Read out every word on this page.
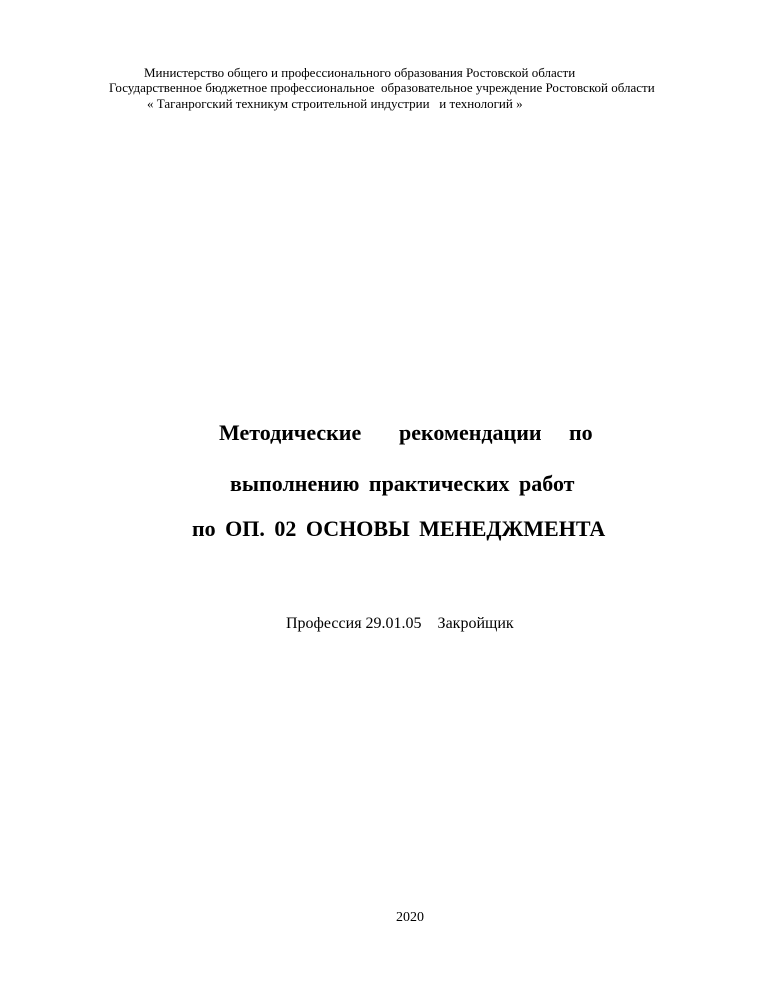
Министерство общего и профессионального образования Ростовской области
Государственное бюджетное профессиональное  образовательное учреждение Ростовской области
« Таганрогский техникум строительной индустрии   и технологий »
Методические рекомендации по
выполнению практических работ
по ОП. 02 ОСНОВЫ МЕНЕДЖМЕНТА
Профессия 29.01.05 Закройщик
2020
